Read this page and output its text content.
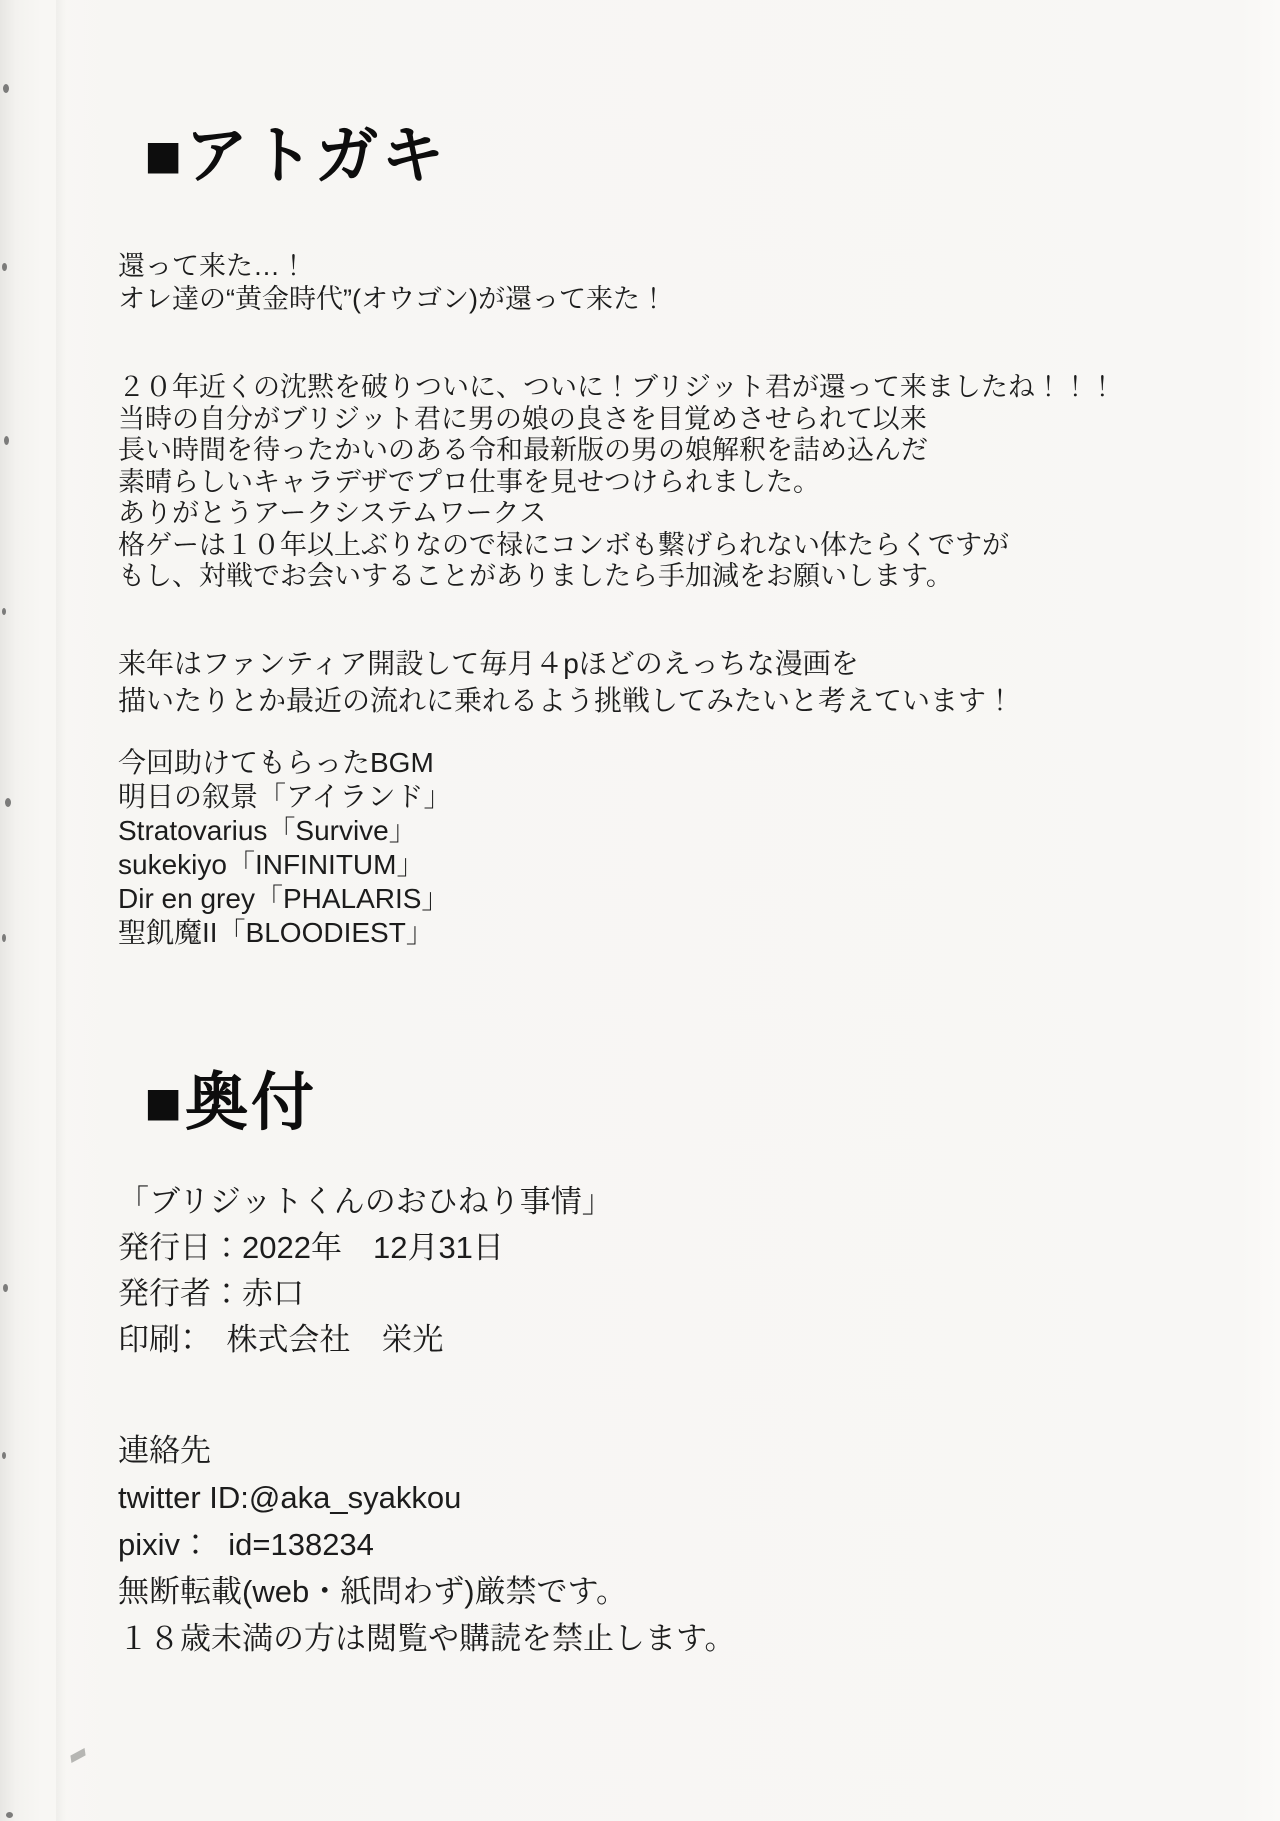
■アトガキ
還って来た…！
オレ達の“黄金時代”(オウゴン)が還って来た！
２０年近くの沈黙を破りついに、ついに！ブリジット君が還って来ましたね！！！
当時の自分がブリジット君に男の娘の良さを目覚めさせられて以来
長い時間を待ったかいのある令和最新版の男の娘解釈を詰め込んだ
素晴らしいキャラデザでプロ仕事を見せつけられました。
ありがとうアークシステムワークス
格ゲーは１０年以上ぶりなので禄にコンボも繋げられない体たらくですが
もし、対戦でお会いすることがありましたら手加減をお願いします。
来年はファンティア開設して毎月４pほどのえっちな漫画を
描いたりとか最近の流れに乗れるよう挑戦してみたいと考えています！
今回助けてもらったBGM
明日の叙景「アイランド」
Stratovarius「Survive」
sukekiyo「INFINITUM」
Dir en grey「PHALARIS」
聖飢魔II「BLOODIEST」
■奥付
「ブリジットくんのおひねり事情」
発行日：2022年　12月31日
発行者：赤口
印刷：　株式会社　栄光
連絡先
twitter ID:@aka_syakkou
pixiv：  id=138234
無断転載(web・紙問わず)厳禁です。
１８歳未満の方は閲覧や購読を禁止します。
